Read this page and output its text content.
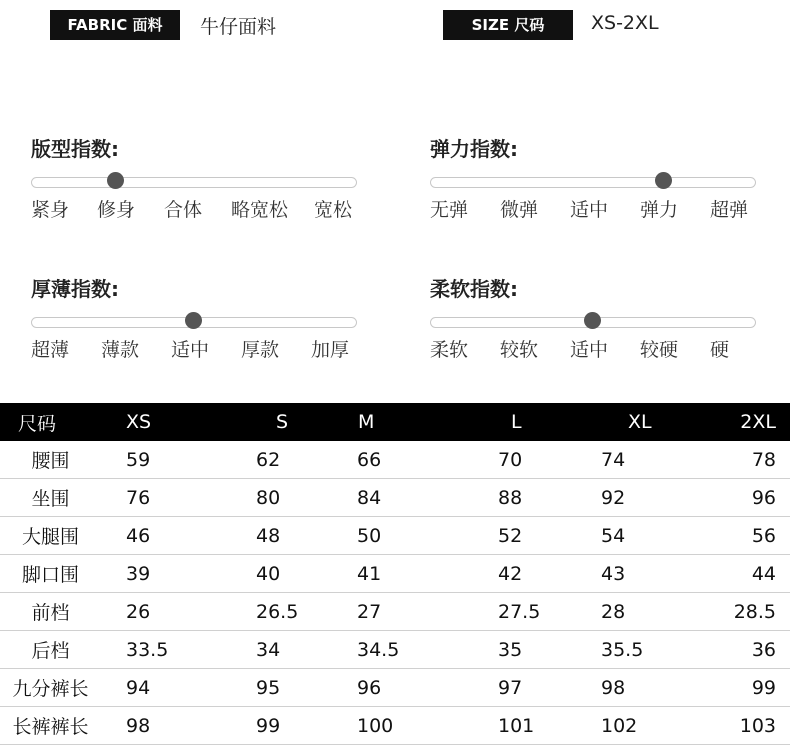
FABRIC 面料	牛仔面料	SIZE 尺码	XS-2XL
版型指数:
紧身 修身 合体 略宽松 宽松
弹力指数:
无弹 微弹 适中 弹力 超弹
厚薄指数:
超薄 薄款 适中 厚款 加厚
柔软指数:
柔软 较软 适中 较硬 硬
尺码	XS	S	M	L	XL	2XL
腰围	59	62	66	70	74	78
坐围	76	80	84	88	92	96
大腿围	46	48	50	52	54	56
脚口围	39	40	41	42	43	44
前档	26	26.5	27	27.5	28	28.5
后档	33.5	34	34.5	35	35.5	36
九分裤长	94	95	96	97	98	99
长裤裤长	98	99	100	101	102	103
